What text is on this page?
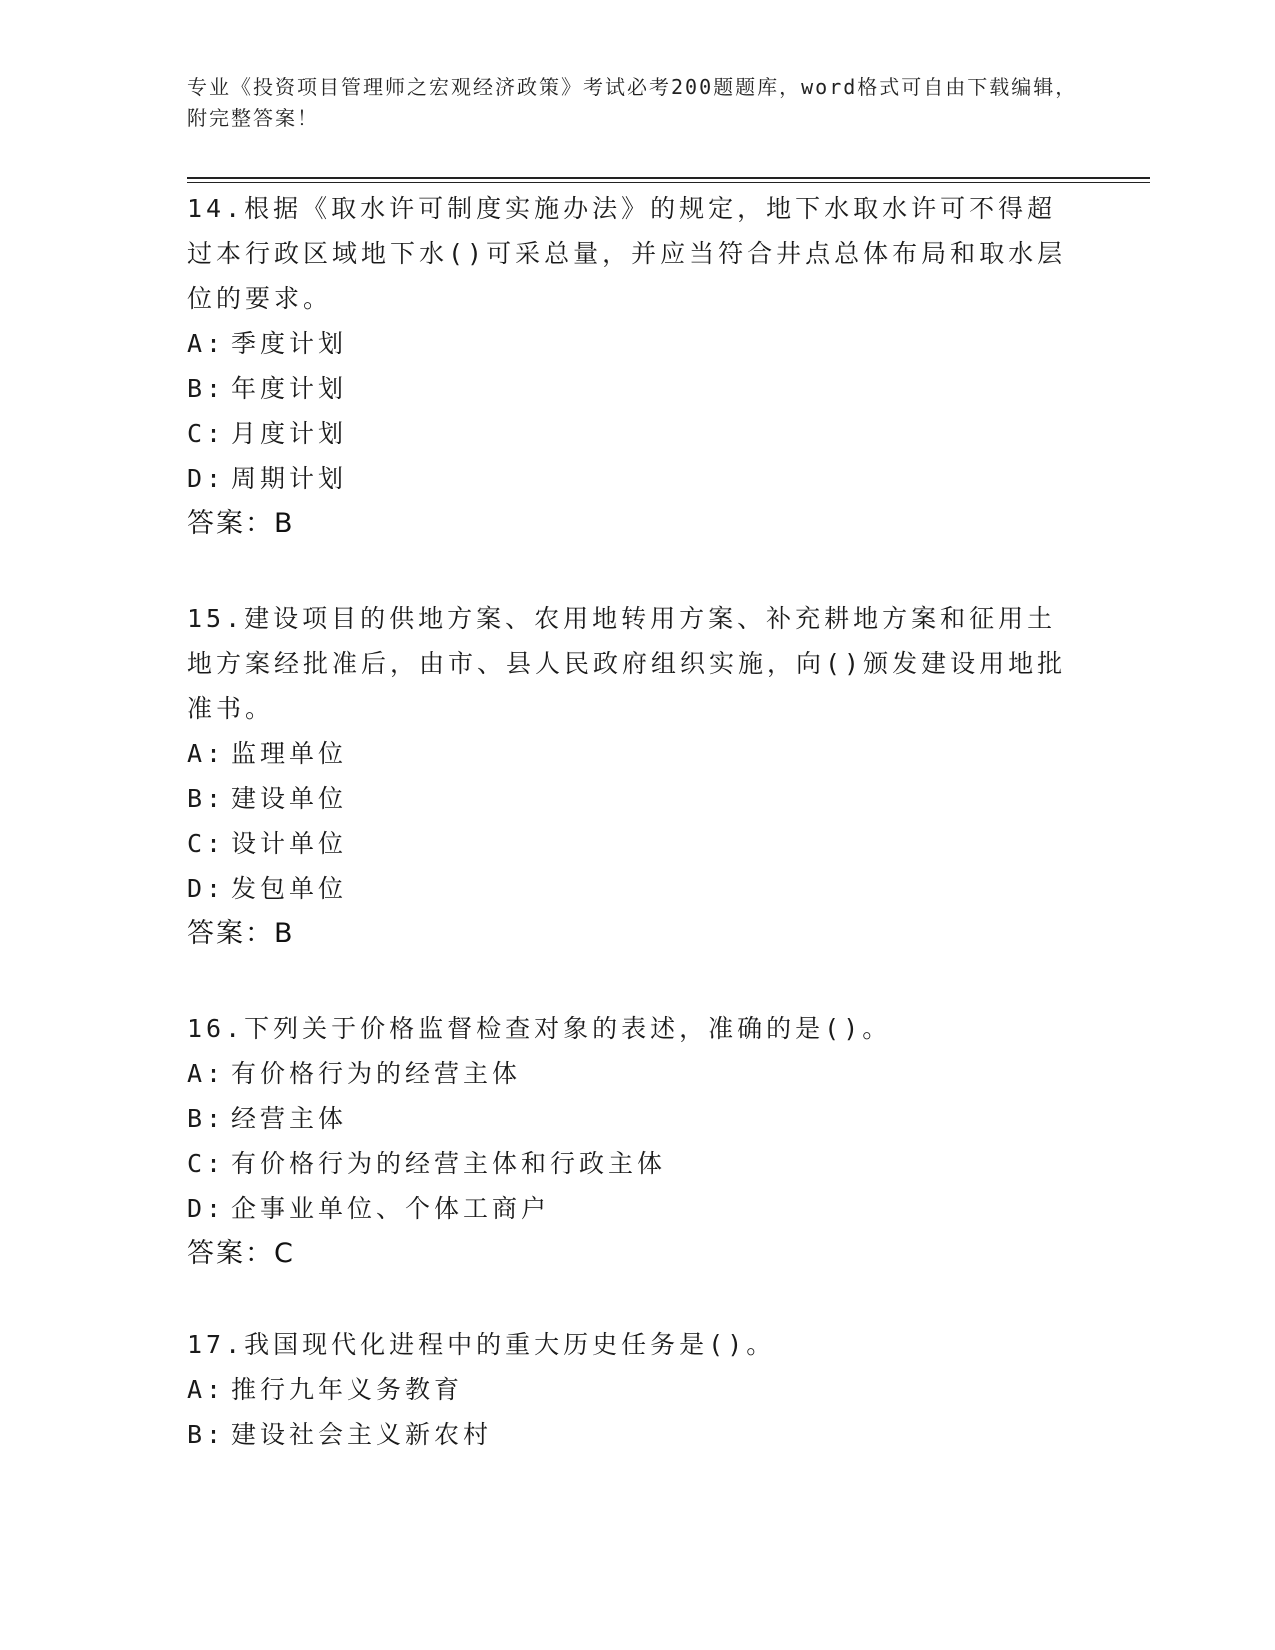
专业《投资项目管理师之宏观经济政策》考试必考200题题库，word格式可自由下载编辑，附完整答案！

14.根据《取水许可制度实施办法》的规定，地下水取水许可不得超过本行政区域地下水()可采总量，并应当符合井点总体布局和取水层位的要求。

A: 季度计划

B: 年度计划

C: 月度计划

D: 周期计划

答案：B

15.建设项目的供地方案、农用地转用方案、补充耕地方案和征用土地方案经批准后，由市、县人民政府组织实施，向()颁发建设用地批准书。

A: 监理单位

B: 建设单位

C: 设计单位

D: 发包单位

答案：B

16.下列关于价格监督检查对象的表述，准确的是()。

A: 有价格行为的经营主体

B: 经营主体

C: 有价格行为的经营主体和行政主体

D: 企事业单位、个体工商户

答案：C

17.我国现代化进程中的重大历史任务是()。

A: 推行九年义务教育

B: 建设社会主义新农村
